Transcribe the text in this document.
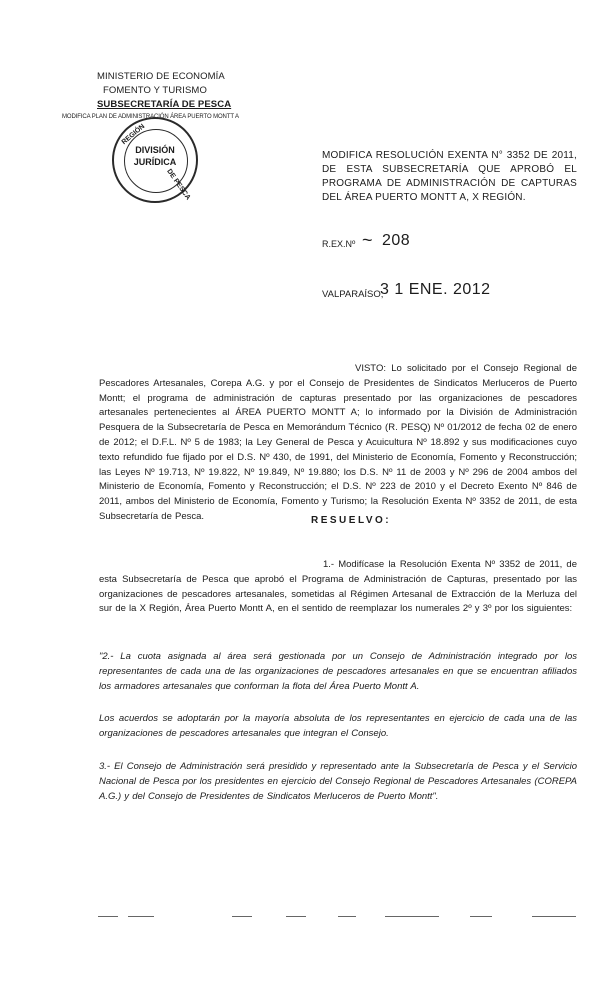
MINISTERIO DE ECONOMÍA
FOMENTO Y TURISMO
SUBSECRETARÍA DE PESCA
MODIFICA PLAN DE ADMINISTRACIÓN ÁREA PUERTO MONTT A
REGIÓN
DE PESCA
DIVISIÓN
JURÍDICA
MODIFICA RESOLUCIÓN EXENTA N° 3352 DE 2011, DE ESTA SUBSECRETARÍA QUE APROBÓ EL PROGRAMA DE ADMINISTRACIÓN DE CAPTURAS DEL ÁREA PUERTO MONTT A, X REGIÓN.
R.EX.Nº ~ 208
VALPARAÍSO,
3 1 ENE. 2012
VISTO: Lo solicitado por el Consejo Regional de Pescadores Artesanales, Corepa A.G. y por el Consejo de Presidentes de Sindicatos Merluceros de Puerto Montt; el programa de administración de capturas presentado por las organizaciones de pescadores artesanales pertenecientes al ÁREA PUERTO MONTT A; lo informado por la División de Administración Pesquera de la Subsecretaría de Pesca en Memorándum Técnico (R. PESQ) Nº 01/2012 de fecha 02 de enero de 2012; el D.F.L. Nº 5 de 1983; la Ley General de Pesca y Acuicultura Nº 18.892 y sus modificaciones cuyo texto refundido fue fijado por el D.S. Nº 430, de 1991, del Ministerio de Economía, Fomento y Reconstrucción; las Leyes Nº 19.713, Nº 19.822, Nº 19.849, Nº 19.880; los D.S. Nº 11 de 2003 y Nº 296 de 2004 ambos del Ministerio de Economía, Fomento y Reconstrucción; el D.S. Nº 223 de 2010 y el Decreto Exento Nº 846 de 2011, ambos del Ministerio de Economía, Fomento y Turismo; la Resolución Exenta Nº 3352 de 2011, de esta Subsecretaría de Pesca.	RESUELVO:
1.- Modifícase la Resolución Exenta Nº 3352 de 2011, de esta Subsecretaría de Pesca que aprobó el Programa de Administración de Capturas, presentado por las organizaciones de pescadores artesanales, sometidas al Régimen Artesanal de Extracción de la Merluza del sur de la X Región, Área Puerto Montt A, en el sentido de reemplazar los numerales 2º y 3º por los siguientes:
"2.- La cuota asignada al área será gestionada por un Consejo de Administración integrado por los representantes de cada una de las organizaciones de pescadores artesanales en que se encuentran afiliados los armadores artesanales que conforman la flota del Área Puerto Montt A.
Los acuerdos se adoptarán por la mayoría absoluta de los representantes en ejercicio de cada una de las organizaciones de pescadores artesanales que integran el Consejo.
3.- El Consejo de Administración será presidido y representado ante la Subsecretaría de Pesca y el Servicio Nacional de Pesca por los presidentes en ejercicio del Consejo Regional de Pescadores Artesanales (COREPA A.G.) y del Consejo de Presidentes de Sindicatos Merluceros de Puerto Montt".
